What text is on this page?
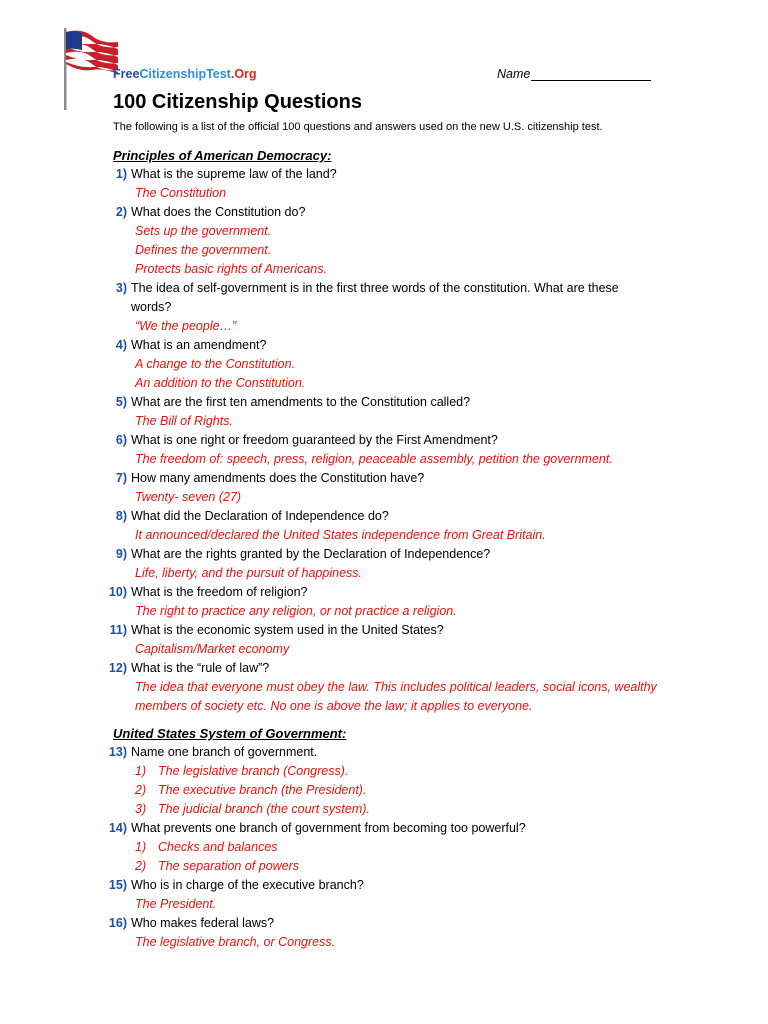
FreeCitizenshipTest.Org	Name
100 Citizenship Questions
The following is a list of the official 100 questions and answers used on the new U.S. citizenship test.
Principles of American Democracy:
1) What is the supreme law of the land?
The Constitution
2) What does the Constitution do?
Sets up the government.
Defines the government.
Protects basic rights of Americans.
3) The idea of self-government is in the first three words of the constitution. What are these words?
“We the people…”
4) What is an amendment?
A change to the Constitution.
An addition to the Constitution.
5) What are the first ten amendments to the Constitution called?
The Bill of Rights.
6) What is one right or freedom guaranteed by the First Amendment?
The freedom of: speech, press, religion, peaceable assembly, petition the government.
7) How many amendments does the Constitution have?
Twenty- seven (27)
8) What did the Declaration of Independence do?
It announced/declared the United States independence from Great Britain.
9) What are the rights granted by the Declaration of Independence?
Life, liberty, and the pursuit of happiness.
10) What is the freedom of religion?
The right to practice any religion, or not practice a religion.
11) What is the economic system used in the United States?
Capitalism/Market economy
12) What is the “rule of law”?
The idea that everyone must obey the law. This includes political leaders, social icons, wealthy members of society etc. No one is above the law; it applies to everyone.
United States System of Government:
13) Name one branch of government.
1) The legislative branch (Congress).
2) The executive branch (the President).
3) The judicial branch (the court system).
14) What prevents one branch of government from becoming too powerful?
1) Checks and balances
2) The separation of powers
15) Who is in charge of the executive branch?
The President.
16) Who makes federal laws?
The legislative branch, or Congress.
